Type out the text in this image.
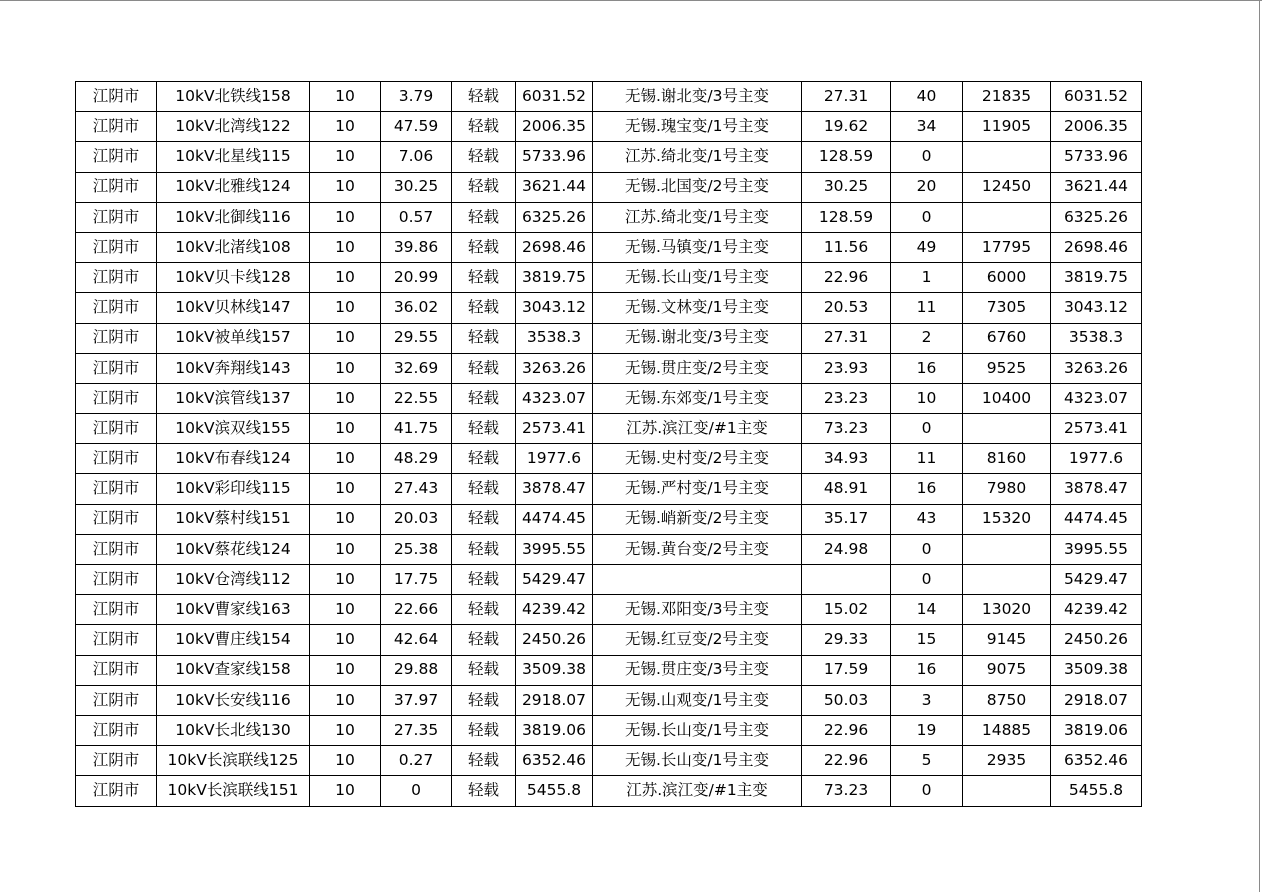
江阴市	10kV北铁线158	10	3.79	轻载	6031.52	无锡.谢北变/3号主变	27.31	40	21835	6031.52
江阴市	10kV北湾线122	10	47.59	轻载	2006.35	无锡.瑰宝变/1号主变	19.62	34	11905	2006.35
江阴市	10kV北星线115	10	7.06	轻载	5733.96	江苏.绮北变/1号主变	128.59	0		5733.96
江阴市	10kV北雅线124	10	30.25	轻载	3621.44	无锡.北国变/2号主变	30.25	20	12450	3621.44
江阴市	10kV北御线116	10	0.57	轻载	6325.26	江苏.绮北变/1号主变	128.59	0		6325.26
江阴市	10kV北渚线108	10	39.86	轻载	2698.46	无锡.马镇变/1号主变	11.56	49	17795	2698.46
江阴市	10kV贝卡线128	10	20.99	轻载	3819.75	无锡.长山变/1号主变	22.96	1	6000	3819.75
江阴市	10kV贝林线147	10	36.02	轻载	3043.12	无锡.文林变/1号主变	20.53	11	7305	3043.12
江阴市	10kV被单线157	10	29.55	轻载	3538.3	无锡.谢北变/3号主变	27.31	2	6760	3538.3
江阴市	10kV奔翔线143	10	32.69	轻载	3263.26	无锡.贯庄变/2号主变	23.93	16	9525	3263.26
江阴市	10kV滨管线137	10	22.55	轻载	4323.07	无锡.东郊变/1号主变	23.23	10	10400	4323.07
江阴市	10kV滨双线155	10	41.75	轻载	2573.41	江苏.滨江变/#1主变	73.23	0		2573.41
江阴市	10kV布春线124	10	48.29	轻载	1977.6	无锡.史村变/2号主变	34.93	11	8160	1977.6
江阴市	10kV彩印线115	10	27.43	轻载	3878.47	无锡.严村变/1号主变	48.91	16	7980	3878.47
江阴市	10kV蔡村线151	10	20.03	轻载	4474.45	无锡.峭新变/2号主变	35.17	43	15320	4474.45
江阴市	10kV蔡花线124	10	25.38	轻载	3995.55	无锡.黄台变/2号主变	24.98	0		3995.55
江阴市	10kV仓湾线112	10	17.75	轻载	5429.47			0		5429.47
江阴市	10kV曹家线163	10	22.66	轻载	4239.42	无锡.邓阳变/3号主变	15.02	14	13020	4239.42
江阴市	10kV曹庄线154	10	42.64	轻载	2450.26	无锡.红豆变/2号主变	29.33	15	9145	2450.26
江阴市	10kV查家线158	10	29.88	轻载	3509.38	无锡.贯庄变/3号主变	17.59	16	9075	3509.38
江阴市	10kV长安线116	10	37.97	轻载	2918.07	无锡.山观变/1号主变	50.03	3	8750	2918.07
江阴市	10kV长北线130	10	27.35	轻载	3819.06	无锡.长山变/1号主变	22.96	19	14885	3819.06
江阴市	10kV长滨联线125	10	0.27	轻载	6352.46	无锡.长山变/1号主变	22.96	5	2935	6352.46
江阴市	10kV长滨联线151	10	0	轻载	5455.8	江苏.滨江变/#1主变	73.23	0		5455.8
